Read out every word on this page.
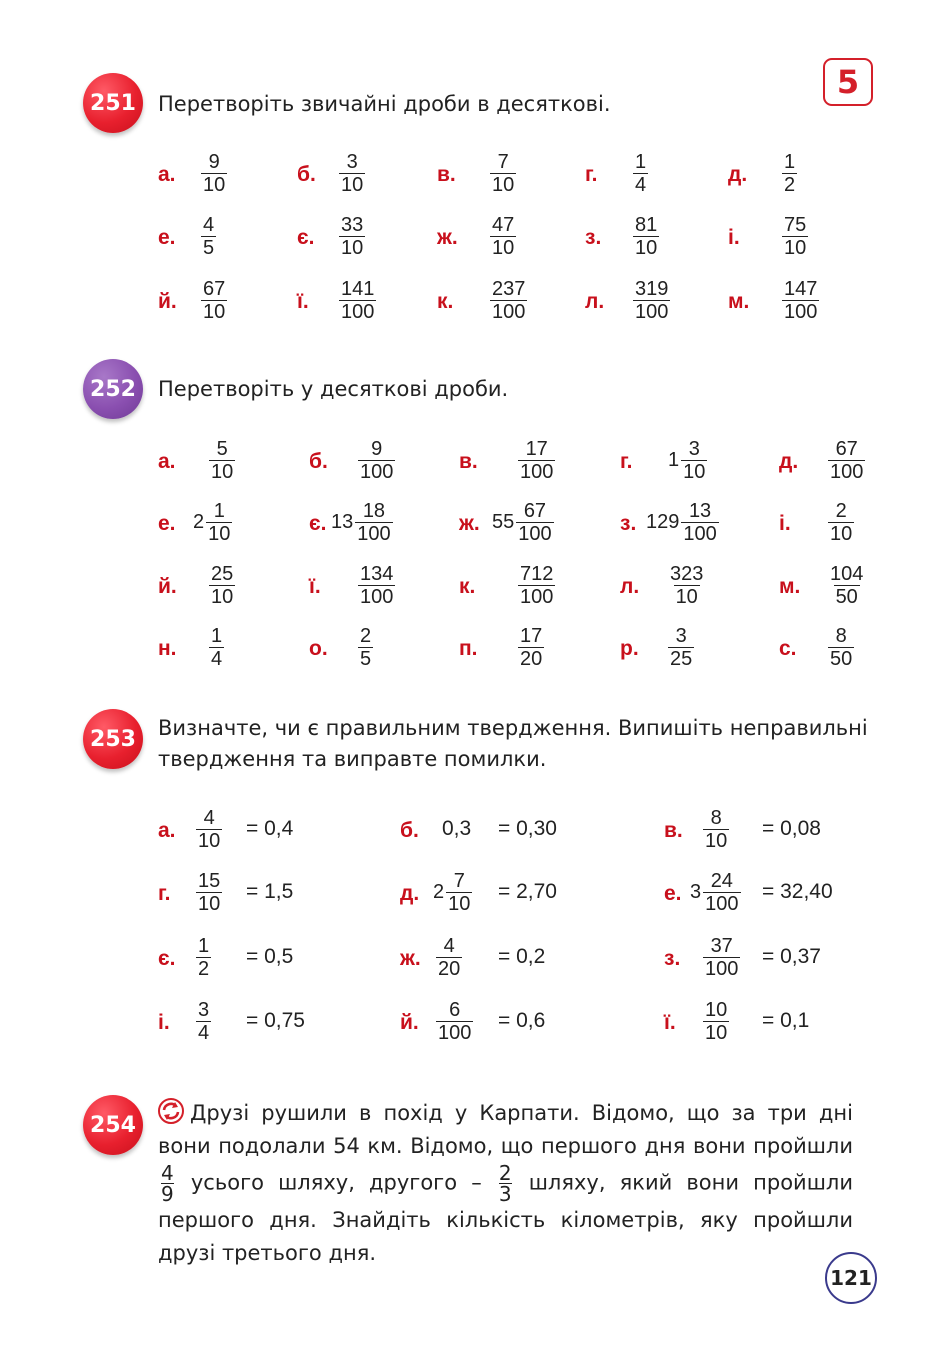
5
251	Перетворіть звичайні дроби в десяткові.
а. $\frac{9}{10}$	б. $\frac{3}{10}$	в. $\frac{7}{10}$	г. $\frac{1}{4}$	д. $\frac{1}{2}$
е. $\frac{4}{5}$	є. $\frac{33}{10}$	ж. $\frac{47}{10}$	з. $\frac{81}{10}$	і. $\frac{75}{10}$
й. $\frac{67}{10}$	ї. $\frac{141}{100}$	к. $\frac{237}{100}$	л. $\frac{319}{100}$	м. $\frac{147}{100}$
252	Перетворіть у десяткові дроби.
а. $\frac{5}{10}$	б. $\frac{9}{100}$	в. $\frac{17}{100}$	г. $1 \frac{3}{10}$	д. $\frac{67}{100}$
е. $2 \frac{1}{10}$	є. $13 \frac{18}{100}$	ж. $55 \frac{67}{100}$	з. $129 \frac{13}{100}$	і. $\frac{2}{10}$
й. $\frac{25}{10}$	ї. $\frac{134}{100}$	к. $\frac{712}{100}$	л. $\frac{323}{10}$	м. $\frac{104}{50}$
н. $\frac{1}{4}$	о. $\frac{2}{5}$	п. $\frac{17}{20}$	р. $\frac{3}{25}$	с. $\frac{8}{50}$
253	Визначте, чи є правильним твердження. Випишіть неправильні
твердження та виправте помилки.
а. $\frac{4}{10} = 0,4$	б. 0,3 = 0,30	в. $\frac{8}{10} = 0,08$
г. $\frac{15}{10} = 1,5$	д. $2 \frac{7}{10} = 2,70$	е. $3 \frac{24}{100} = 32,40$
є. $\frac{1}{2} = 0,5$	ж. $\frac{4}{20} = 0,2$	з. $\frac{37}{100} = 0,37$
і. $\frac{3}{4} = 0,75$	й. $\frac{6}{100} = 0,6$	ї. $\frac{10}{10} = 0,1$
254	Друзі рушили в похід у Карпати. Відомо, що за три дні вони подолали 54 км. Відомо, що першого дня вони пройшли
$\frac{4}{9}$ усього шляху, другого – $\frac{2}{3}$ шляху, який вони пройшли першого дня. Знайдіть кількість кілометрів, яку пройшли друзі третього дня.
121
